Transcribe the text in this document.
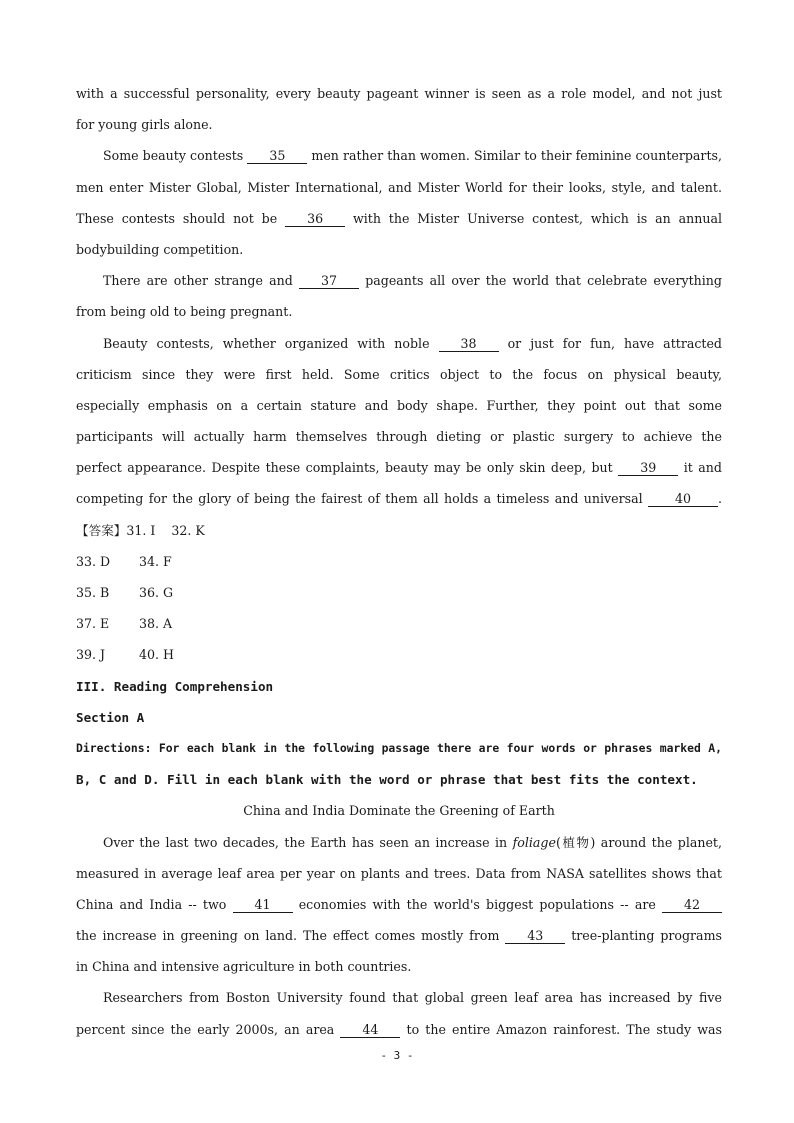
with a successful personality, every beauty pageant winner is seen as a role model, and not just
for young girls alone.
Some beauty contests 35 men rather than women. Similar to their feminine counterparts,
men enter Mister Global, Mister International, and Mister World for their looks, style, and talent.
These contests should not be 36 with the Mister Universe contest, which is an annual
bodybuilding competition.
There are other strange and 37 pageants all over the world that celebrate everything
from being old to being pregnant.
Beauty contests, whether organized with noble 38 or just for fun, have attracted
criticism since they were first held. Some critics object to the focus on physical beauty,
especially emphasis on a certain stature and body shape. Further, they point out that some
participants will actually harm themselves through dieting or plastic surgery to achieve the
perfect appearance. Despite these complaints, beauty may be only skin deep, but 39 it and
competing for the glory of being the fairest of them all holds a timeless and universal	40 .
【答案】31. I 32. K
33. D 34. F
35. B 36. G
37. E 38. A
39. J	40. H
III. Reading Comprehension
Section A
Directions: For each blank in the following passage there are four words or phrases marked A,
B, C and D. Fill in each blank with the word or phrase that best fits the context.
China and India Dominate the Greening of Earth
Over the last two decades, the Earth has seen an increase in foliage(植物) around the planet,
measured in average leaf area per year on plants and trees. Data from NASA satellites shows that
China and India -- two 41 economies with the world's biggest populations -- are 42
the increase in greening on land. The effect comes mostly from 43 tree-planting programs
in China and intensive agriculture in both countries.
Researchers from Boston University found that global green leaf area has increased by five
percent since the early 2000s, an area 44 to the entire Amazon rainforest. The study was
- 3 -
